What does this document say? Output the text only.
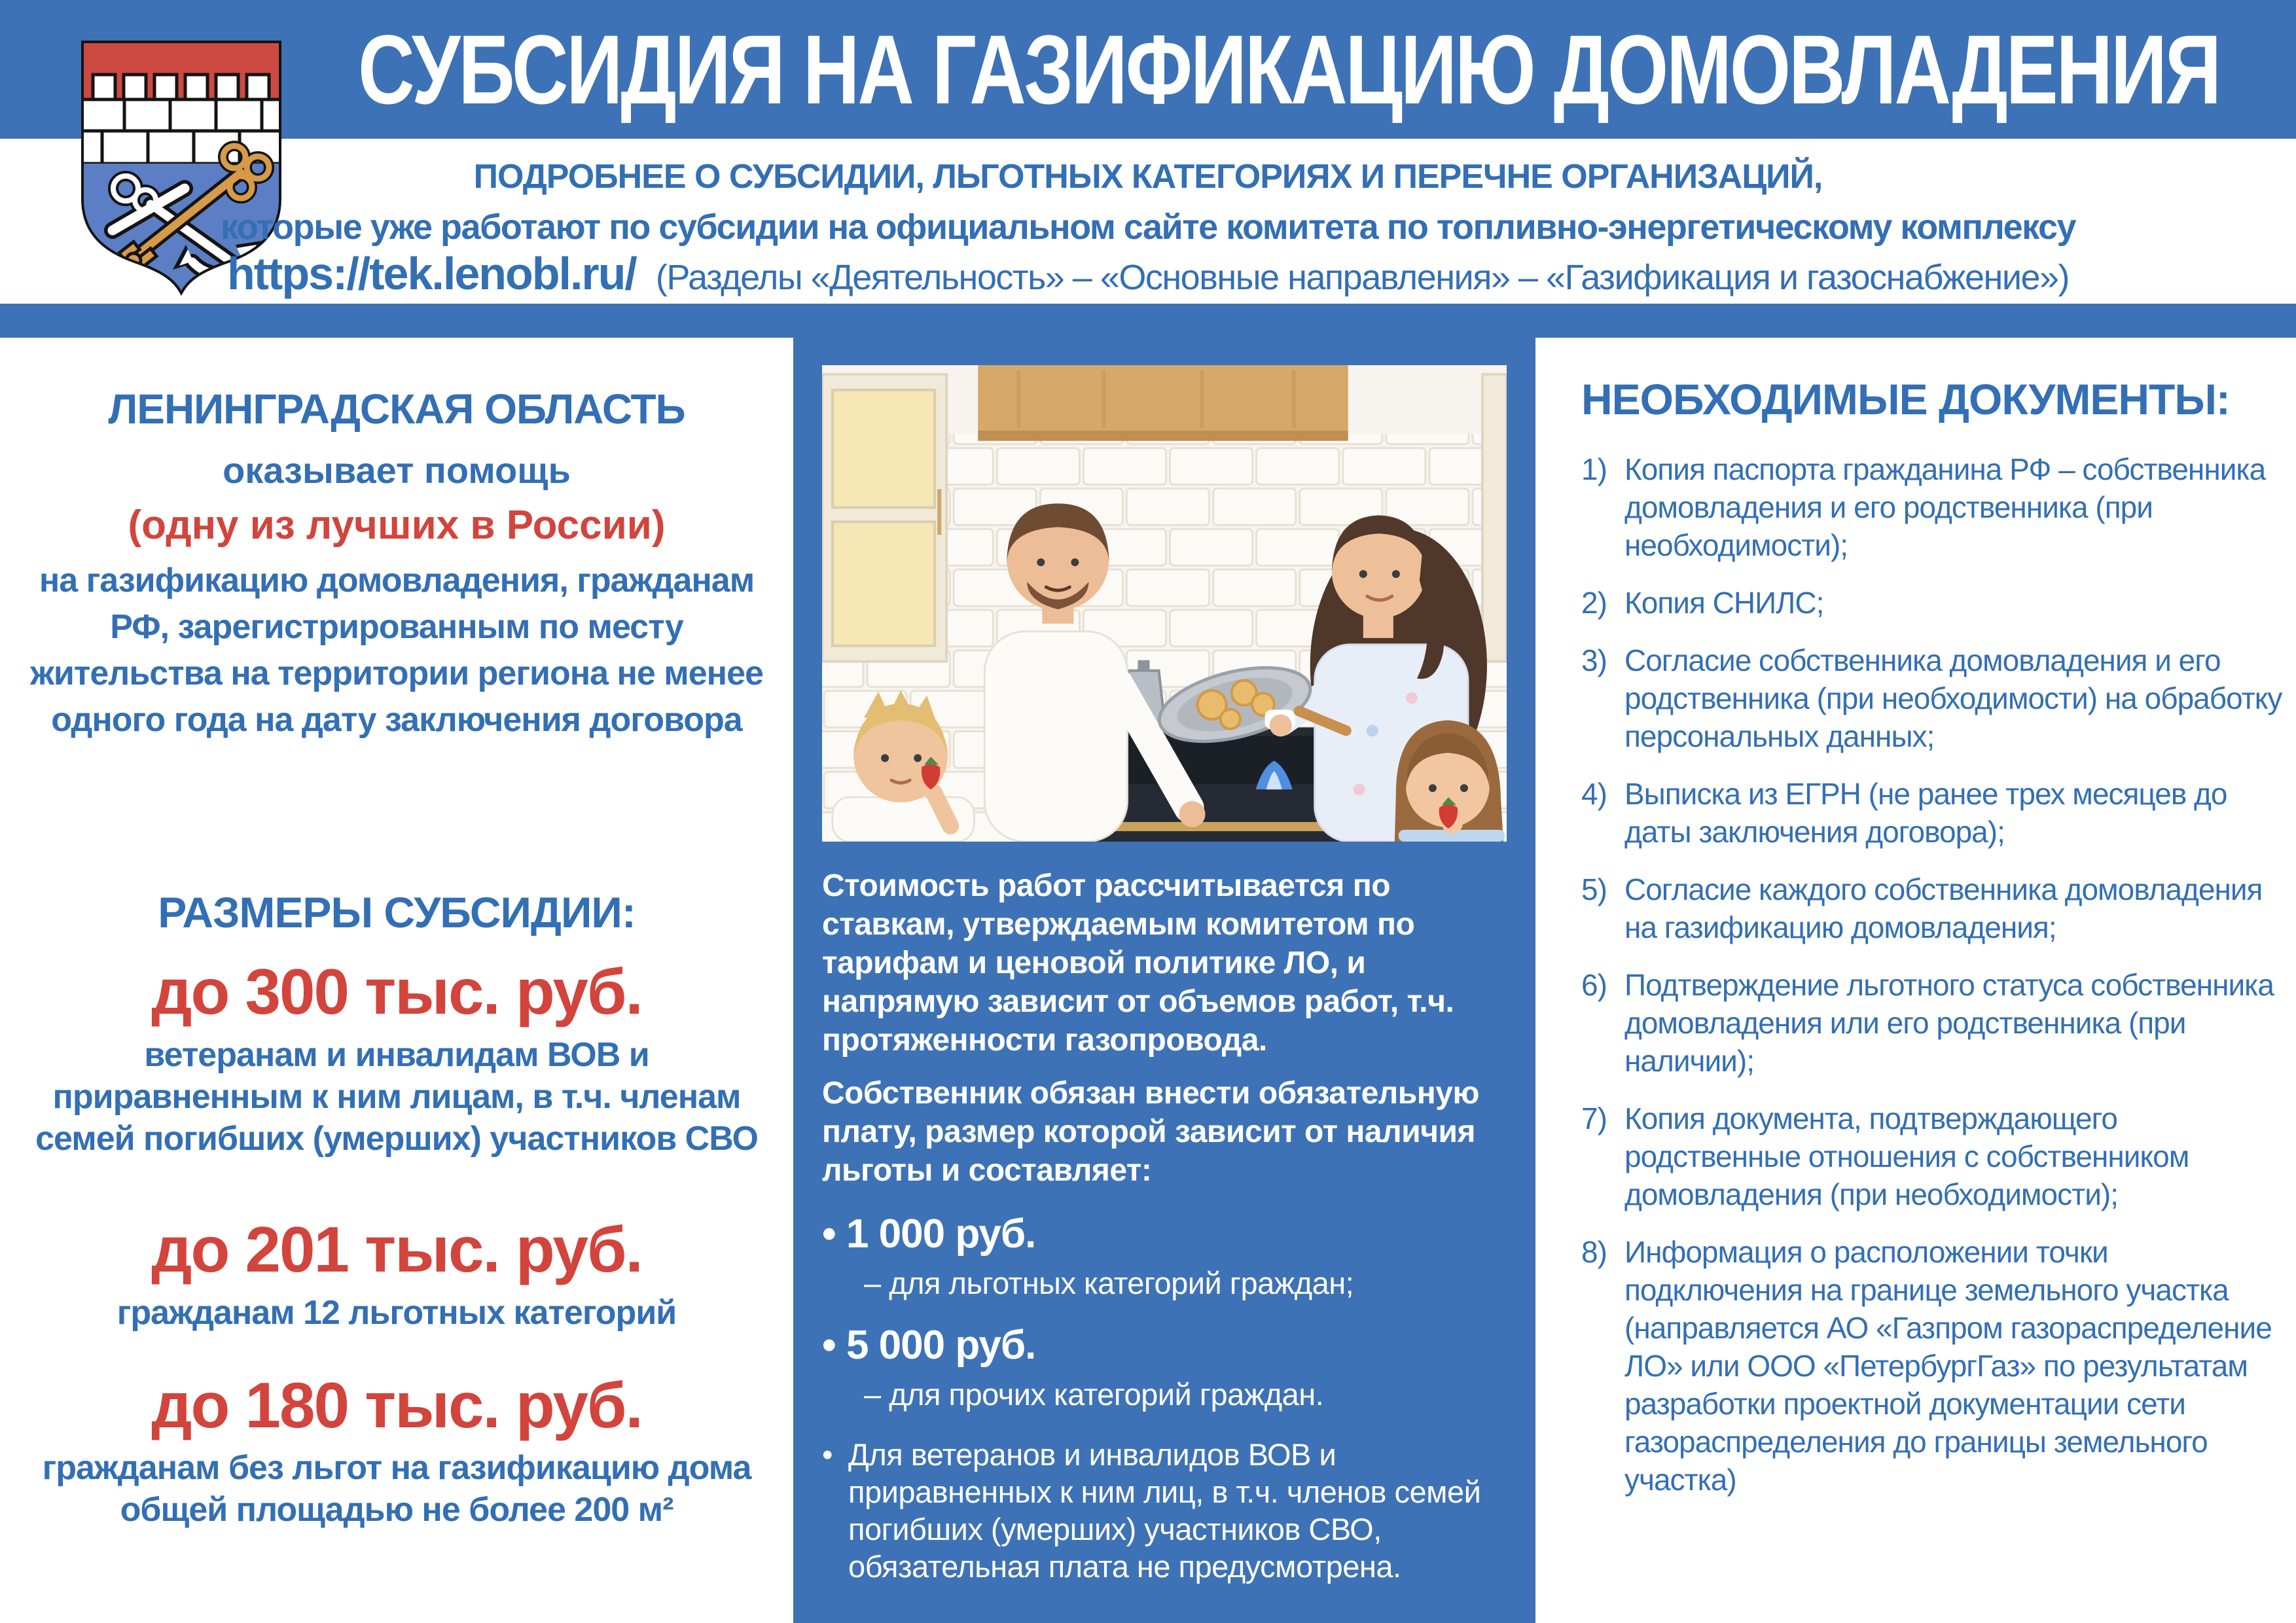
СУБСИДИЯ НА ГАЗИФИКАЦИЮ ДОМОВЛАДЕНИЯ
ПОДРОБНЕЕ О СУБСИДИИ, ЛЬГОТНЫХ КАТЕГОРИЯХ И ПЕРЕЧНЕ ОРГАНИЗАЦИЙ,
которые уже работают по субсидии на официальном сайте комитета по топливно-энергетическому комплексу
https://tek.lenobl.ru/ (Разделы «Деятельность» – «Основные направления» – «Газификация и газоснабжение»)
ЛЕНИНГРАДСКАЯ ОБЛАСТЬ
оказывает помощь
(одну из лучших в России)
на газификацию домовладения, гражданам РФ, зарегистрированным по месту жительства на территории региона не менее одного года на дату заключения договора
РАЗМЕРЫ СУБСИДИИ:
до 300 тыс. руб.
ветеранам и инвалидам ВОВ и приравненным к ним лицам, в т.ч. членам семей погибших (умерших) участников СВО
до 201 тыс. руб.
гражданам 12 льготных категорий
до 180 тыс. руб.
гражданам без льгот на газификацию дома общей площадью не более 200 м²
Стоимость работ рассчитывается по ставкам, утверждаемым комитетом по тарифам и ценовой политике ЛО, и напрямую зависит от объемов работ, т.ч. протяженности газопровода.
Собственник обязан внести обязательную плату, размер которой зависит от наличия льготы и составляет:
• 1 000 руб.
– для льготных категорий граждан;
• 5 000 руб.
– для прочих категорий граждан.
• Для ветеранов и инвалидов ВОВ и приравненных к ним лиц, в т.ч. членов семей погибших (умерших) участников СВО, обязательная плата не предусмотрена.
НЕОБХОДИМЫЕ ДОКУМЕНТЫ:
1) Копия паспорта гражданина РФ – собственника домовладения и его родственника (при необходимости);
2) Копия СНИЛС;
3) Согласие собственника домовладения и его родственника (при необходимости) на обработку персональных данных;
4) Выписка из ЕГРН (не ранее трех месяцев до даты заключения договора);
5) Согласие каждого собственника домовладения на газификацию домовладения;
6) Подтверждение льготного статуса собственника домовладения или его родственника (при наличии);
7) Копия документа, подтверждающего родственные отношения с собственником домовладения (при необходимости);
8) Информация о расположении точки подключения на границе земельного участка (направляется АО «Газпром газораспределение ЛО» или ООО «ПетербургГаз» по результатам разработки проектной документации сети газораспределения до границы земельного участка)
